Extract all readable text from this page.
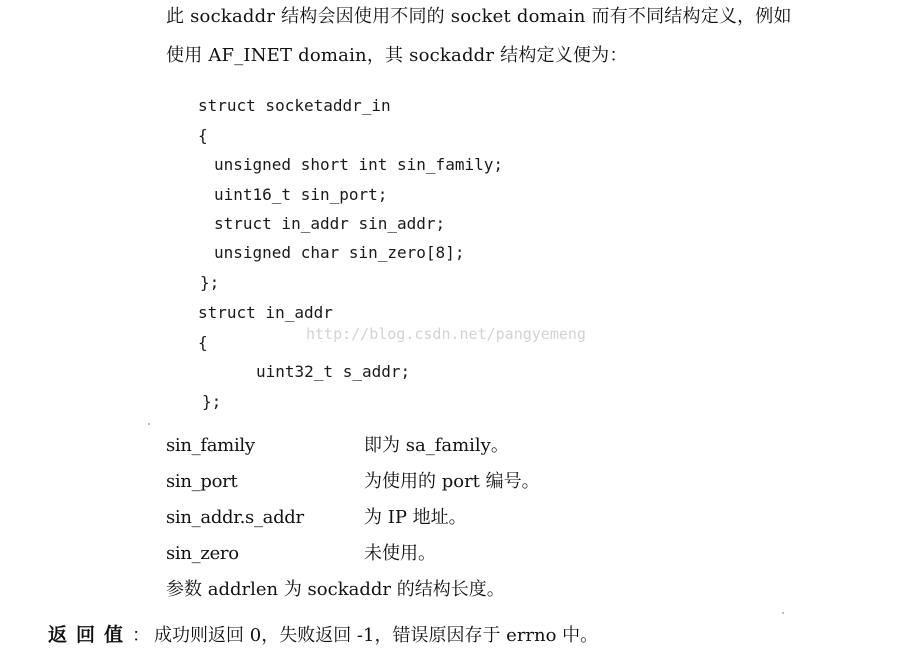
此 sockaddr 结构会因使用不同的 socket domain 而有不同结构定义，例如
使用 AF_INET domain，其 sockaddr 结构定义便为：
struct socketaddr_in
{
unsigned short int sin_family;
uint16_t sin_port;
struct in_addr sin_addr;
unsigned char sin_zero[8];
};
struct in_addr
{
uint32_t s_addr;
};
http://blog.csdn.net/pangyemeng
sin_family	即为 sa_family。
sin_port	为使用的 port 编号。
sin_addr.s_addr	为 IP 地址。
sin_zero	未使用。
参数 addrlen 为 sockaddr 的结构长度。
返回值： 成功则返回 0，失败返回 -1，错误原因存于 errno 中。
